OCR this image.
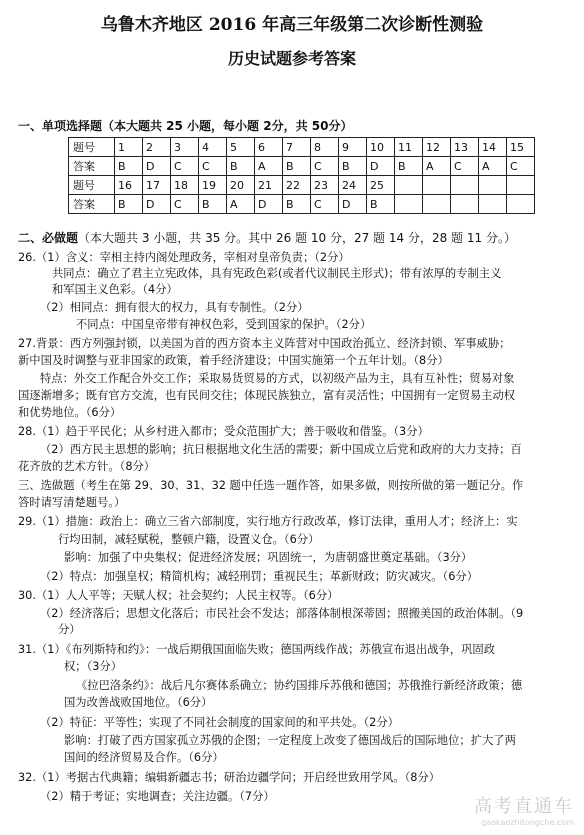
乌鲁木齐地区 2016 年高三年级第二次诊断性测验
历史试题参考答案
一、单项选择题（本大题共 25 小题，每小题 2分，共 50分）
题号	1	2	3	4	5	6	7	8	9	10	11	12	13	14	15
答案	B	D	C	C	B	A	B	C	B	D	B	A	C	A	C
题号	16	17	18	19	20	21	22	23	24	25					
答案	B	D	C	B	A	D	B	C	D	B					
二、必做题（本大题共 3 小题，共 35 分。其中 26 题 10 分，27 题 14 分，28 题 11 分。）
26.（1）含义：宰相主持内阁处理政务，宰相对皇帝负责；（2分）
共同点：确立了君主立宪政体，具有宪政色彩(或者代议制民主形式)；带有浓厚的专制主义
和军国主义色彩。（4分）
（2）相同点：拥有很大的权力，具有专制性。（2分）
不同点：中国皇帝带有神权色彩，受到国家的保护。（2分）
27.背景：西方列强封锁，以美国为首的西方资本主义阵营对中国政治孤立、经济封锁、军事威胁；
新中国及时调整与亚非国家的政策，着手经济建设；中国实施第一个五年计划。（8分）
特点：外交工作配合外交工作；采取易货贸易的方式，以初级产品为主，具有互补性；贸易对象
国逐渐增多；既有官方交流，也有民间交往；体现民族独立，富有灵活性；中国拥有一定贸易主动权
和优势地位。（6分）
28.（1）趋于平民化；从乡村进入都市；受众范围扩大；善于吸收和借鉴。（3分）
（2）西方民主思想的影响；抗日根据地文化生活的需要；新中国成立后党和政府的大力支持；百
花齐放的艺术方针。（8分）
三、选做题（考生在第 29、30、31、32 题中任选一题作答，如果多做，则按所做的第一题记分。作
答时请写清楚题号。）
29.（1）措施：政治上：确立三省六部制度，实行地方行政改革，修订法律，重用人才；经济上：实
行均田制，减轻赋税，整顿户籍，设置义仓。（6分）
影响：加强了中央集权；促进经济发展；巩固统一，为唐朝盛世奠定基础。（3分）
（2）特点：加强皇权；精简机构；减轻刑罚；重视民生；革新财政；防灾减灾。（6分）
30.（1）人人平等；天赋人权；社会契约；人民主权等。（6分）
（2）经济落后；思想文化落后；市民社会不发达；部落体制根深蒂固；照搬美国的政治体制。（9
分）
31.（1）《布列斯特和约》：一战后期俄国面临失败；德国两线作战；苏俄宣布退出战争，巩固政
权；（3分）
《拉巴洛条约》：战后凡尔赛体系确立；协约国排斥苏俄和德国；苏俄推行新经济政策；德
国为改善战败国地位。（6分）
（2）特征：平等性；实现了不同社会制度的国家间的和平共处。（2分）
影响：打破了西方国家孤立苏俄的企图；一定程度上改变了德国战后的国际地位；扩大了两
国间的经济贸易及合作。（6分）
32.（1）考据古代典籍；编辑新疆志书；研治边疆学问；开启经世致用学风。（8分）
（2）精于考证；实地调查；关注边疆。（7分）	高考直通车
gaokaozhitongche.com
